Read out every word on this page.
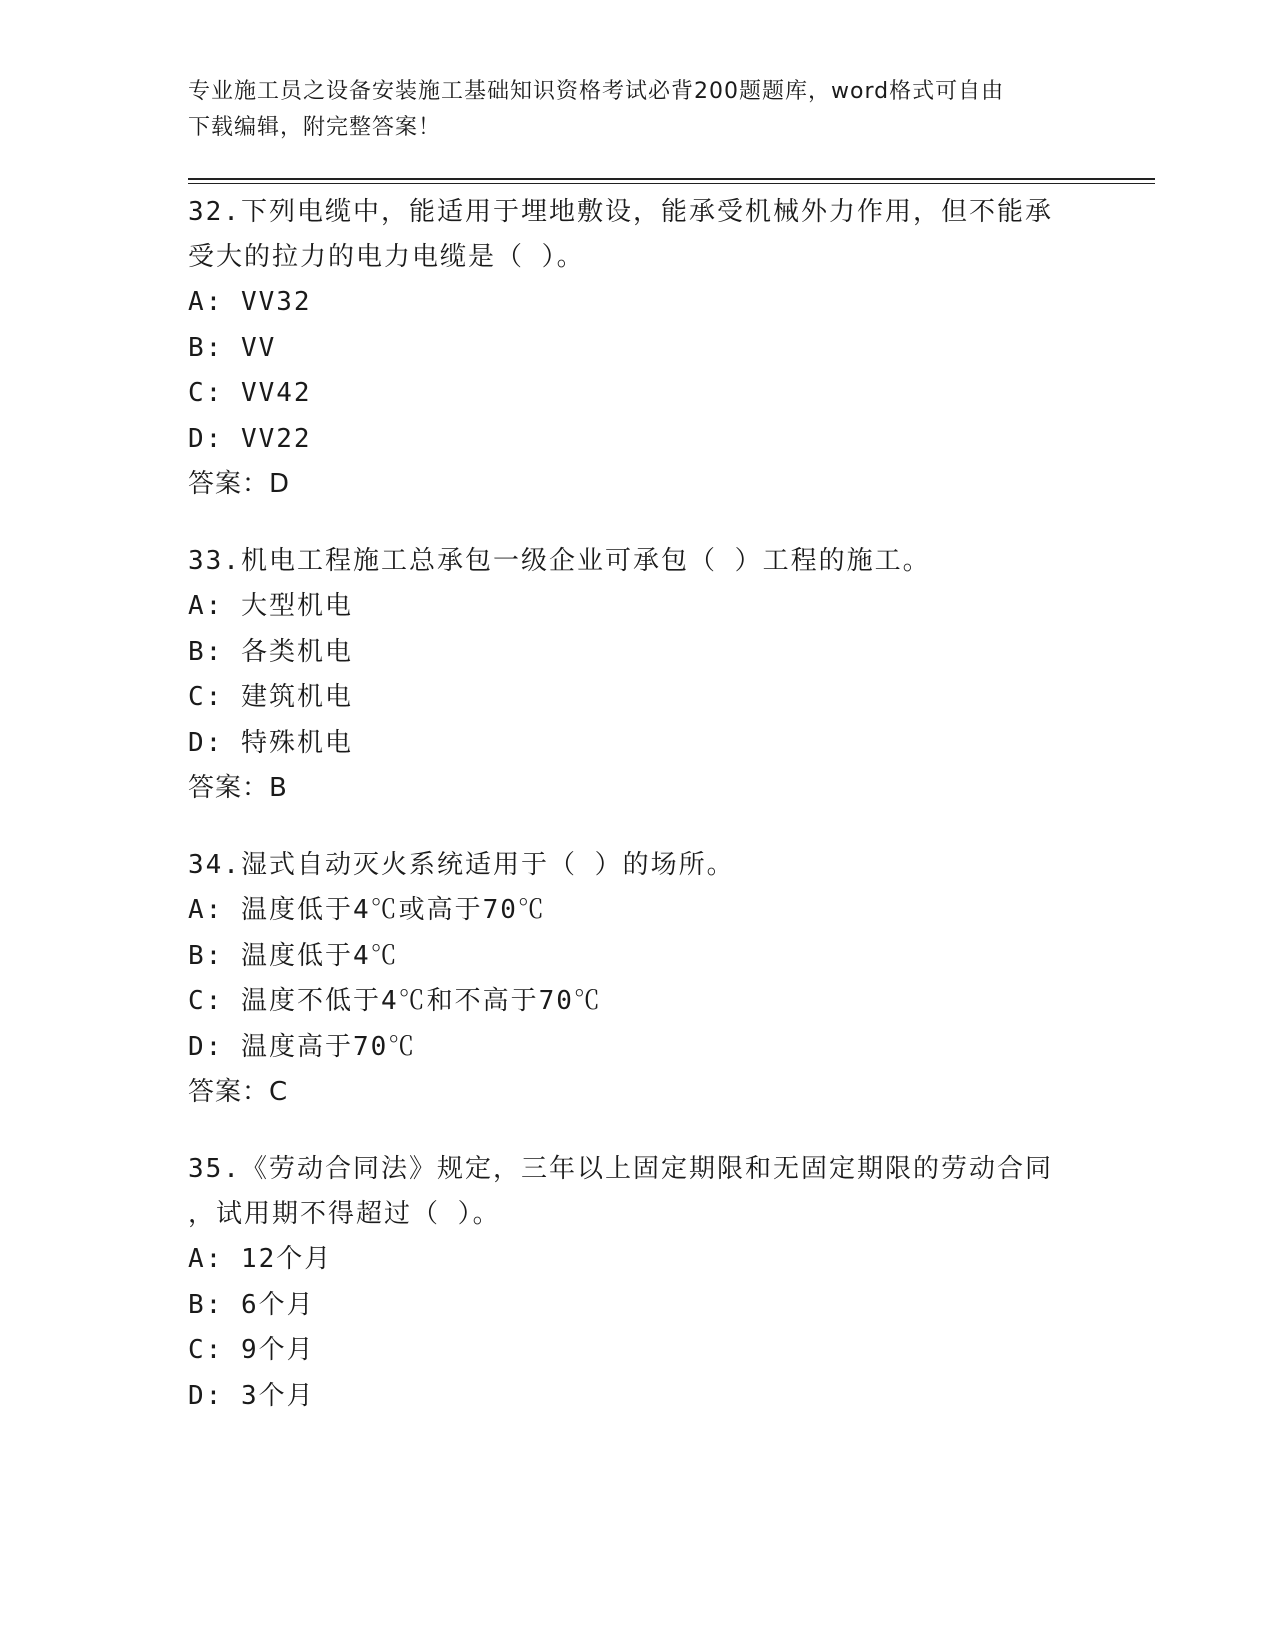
专业施工员之设备安装施工基础知识资格考试必背200题题库，word格式可自由
下载编辑，附完整答案！

32.下列电缆中，能适用于埋地敷设，能承受机械外力作用，但不能承

受大的拉力的电力电缆是（ ）。

A: VV32

B: VV

C: VV42

D: VV22

答案：D

33.机电工程施工总承包一级企业可承包（ ）工程的施工。

A: 大型机电

B: 各类机电

C: 建筑机电

D: 特殊机电

答案：B

34.湿式自动灭火系统适用于（ ）的场所。

A: 温度低于4℃或高于70℃

B: 温度低于4℃

C: 温度不低于4℃和不高于70℃

D: 温度高于70℃

答案：C

35.《劳动合同法》规定，三年以上固定期限和无固定期限的劳动合同

，试用期不得超过（ ）。

A: 12个月

B: 6个月

C: 9个月

D: 3个月
